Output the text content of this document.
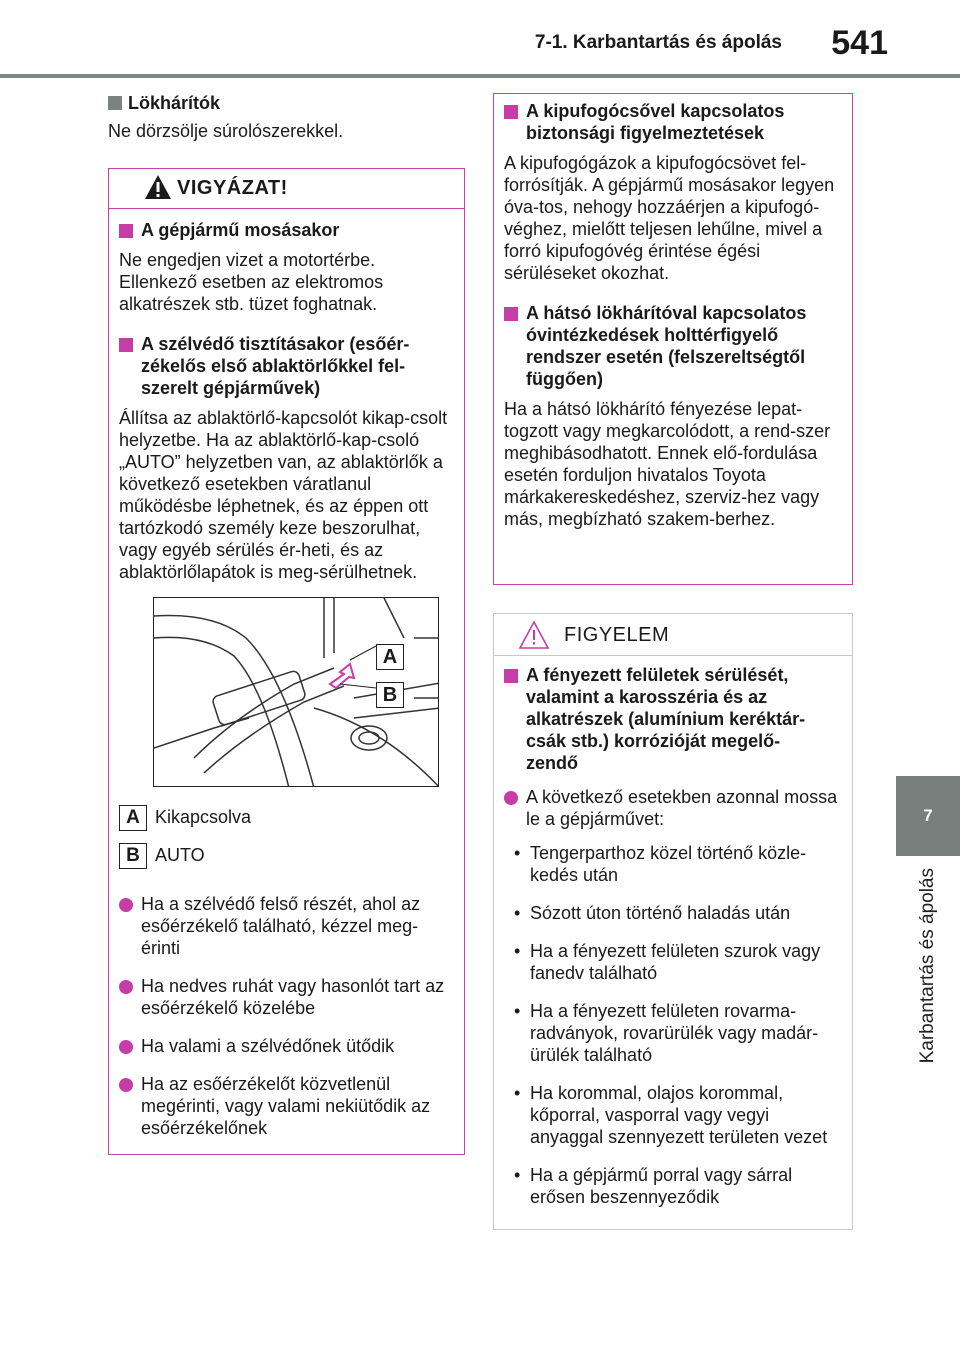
7-1. Karbantartás és ápolás 541
7
Karbantartás és ápolás
Lökhárítók
Ne dörzsölje súrolószerekkel.
VIGYÁZAT!
A gépjármű mosásakor
Ne engedjen vizet a motortérbe. Ellenkező esetben az elektromos alkatrészek stb. tüzet foghatnak.
A szélvédő tisztításakor (esőér-
zékelős első ablaktörlőkkel fel-
szerelt gépjárművek)
Állítsa az ablaktörlő-kapcsolót kikap-csolt helyzetbe. Ha az ablaktörlő-kap-csoló „AUTO” helyzetben van, az ablaktörlők a következő esetekben váratlanul működésbe léphetnek, és az éppen ott tartózkodó személy keze beszorulhat, vagy egyéb sérülés ér-heti, és az ablaktörlőlapátok is meg-sérülhetnek.
A
B
A Kikapcsolva
B AUTO
Ha a szélvédő felső részét, ahol az esőérzékelő található, kézzel meg-érinti
Ha nedves ruhát vagy hasonlót tart az esőérzékelő közelébe
Ha valami a szélvédőnek ütődik
Ha az esőérzékelőt közvetlenül megérinti, vagy valami nekiütődik az esőérzékelőnek
A kipufogócsővel kapcsolatos
biztonsági figyelmeztetések
A kipufogógázok a kipufogócsövet fel-forrósítják. A gépjármű mosásakor legyen óva-tos, nehogy hozzáérjen a kipufogó-véghez, mielőtt teljesen lehűlne, mivel a forró kipufogóvég érintése égési sérüléseket okozhat.
A hátsó lökhárítóval kapcsolatos
óvintézkedések holttérfigyelő
rendszer esetén (felszereltségtől
függően)
Ha a hátsó lökhárító fényezése lepat-togzott vagy megkarcolódott, a rend-szer meghibásodhatott. Ennek elő-fordulása esetén forduljon hivatalos Toyota márkakereskedéshez, szerviz-hez vagy más, megbízható szakem-berhez.
FIGYELEM
A fényezett felületek sérülését,
valamint a karosszéria és az
alkatrészek (alumínium keréktár-
csák stb.) korrózióját megelő-
zendő
A következő esetekben azonnal mossa le a gépjárművet:
• Tengerparthoz közel történő közle-kedés után
• Sózott úton történő haladás után
• Ha a fényezett felületen szurok vagy fanedv található
• Ha a fényezett felületen rovarma-radványok, rovarürülék vagy madár-ürülék található
• Ha korommal, olajos korommal, kőporral, vasporral vagy vegyi anyaggal szennyezett területen vezet
• Ha a gépjármű porral vagy sárral erősen beszennyeződik
